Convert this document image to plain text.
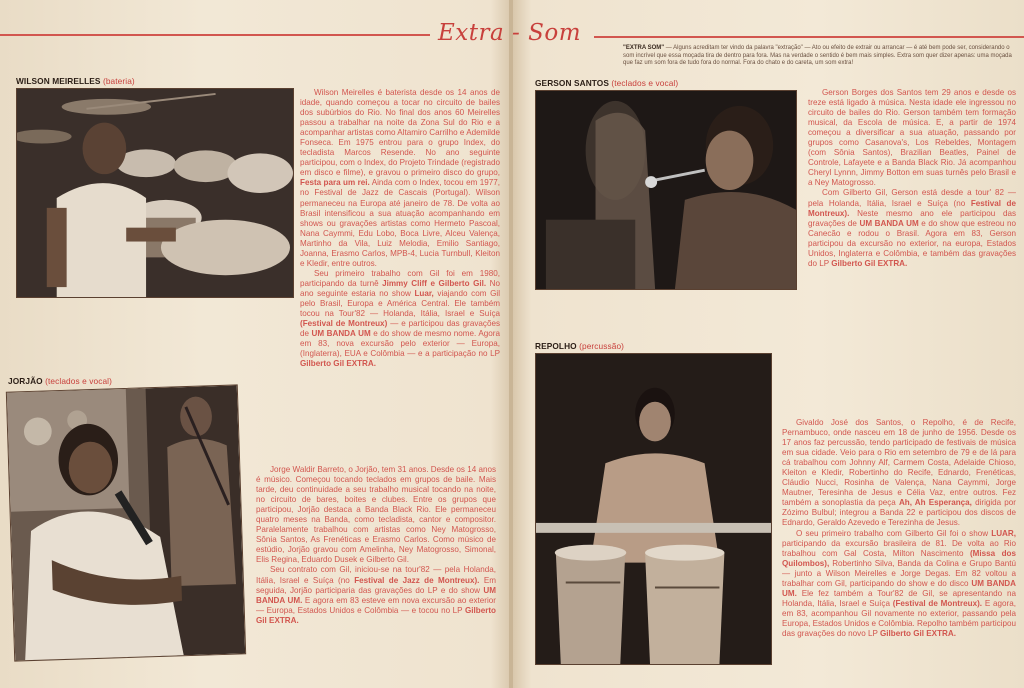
Extra - Som
"EXTRA SOM" — Alguns acreditam ter vindo da palavra "extração" — Ato ou efeito de extrair ou arrancar — é até bem pode ser, considerando o som incrível que essa moçada tira de dentro para fora. Mas na verdade o sentido é bem mais simples. Extra som quer dizer apenas: uma moçada que faz um som fora de tudo fora do normal. Fora do chato e do careta, um som extra!
WILSON MEIRELLES (bateria)

Wilson Meirelles é baterista desde os 14 anos de idade, quando começou a tocar no circuito de bailes dos subúrbios do Rio. No final dos anos 60 Meirelles passou a trabalhar na noite da Zona Sul do Rio e a acompanhar artistas como Altamiro Carrilho e Ademilde Fonseca. Em 1975 entrou para o grupo Index, do tecladista Marcos Resende. No ano seguinte participou, com o Index, do Projeto Trindade (registrado em disco e filme), e gravou o primeiro disco do grupo, Festa para um rei. Ainda com o Index, tocou em 1977, no Festival de Jazz de Cascais (Portugal). Wilson permaneceu na Europa até janeiro de 78. De volta ao Brasil intensificou a sua atuação acompanhando em shows ou gravações artistas como Hermeto Pascoal, Nana Caymmi, Edu Lobo, Boca Livre, Alceu Valença, Martinho da Vila, Luiz Melodia, Emilio Santiago, Joanna, Erasmo Carlos, MPB-4, Lucia Turnbull, Kleiton e Kledir, entre outros.

Seu primeiro trabalho com Gil foi em 1980, participando da turnê Jimmy Cliff e Gilberto Gil. No ano seguinte estaria no show Luar, viajando com Gil pelo Brasil, Europa e América Central. Ele também tocou na Tour'82 — Holanda, Itália, Israel e Suíça (Festival de Montreux) — e participou das gravações de UM BANDA UM e do show de mesmo nome. Agora em 83, nova excursão pelo exterior — Europa, (Inglaterra), EUA e Colômbia — e a participação no LP Gilberto Gil EXTRA.

JORJÃO (teclados e vocal)

Jorge Waldir Barreto, o Jorjão, tem 31 anos. Desde os 14 anos é músico. Começou tocando teclados em grupos de baile. Mais tarde, deu continuidade a seu trabalho musical tocando na noite, no circuito de bares, boites e clubes. Entre os grupos que participou, Jorjão destaca a Banda Black Rio. Ele permaneceu quatro meses na Banda, como tecladista, cantor e compositor. Paralelamente trabalhou com artistas como Ney Matogrosso, Sônia Santos, As Frenéticas e Erasmo Carlos. Como músico de estúdio, Jorjão gravou com Amelinha, Ney Matogrosso, Simonal, Elis Regina, Eduardo Dusek e Gilberto Gil.

Seu contrato com Gil, iniciou-se na tour'82 — pela Holanda, Itália, Israel e Suíça (no Festival de Jazz de Montreux). Em seguida, Jorjão participaria das gravações do LP e do show UM BANDA UM. E agora em 83 esteve em nova excursão ao exterior — Europa, Estados Unidos e Colômbia — e tocou no LP Gilberto Gil EXTRA.

GERSON SANTOS (teclados e vocal)

Gerson Borges dos Santos tem 29 anos e desde os treze está ligado à música. Nesta idade ele ingressou no circuito de bailes do Rio. Gerson também tem formação musical, da Escola de música. E, a partir de 1974 começou a diversificar a sua atuação, passando por grupos como Casanova's, Los Rebeldes, Montagem (com Sônia Santos), Brazilian Beatles, Painel de Controle, Lafayete e a Banda Black Rio. Já acompanhou Cheryl Lynnn, Jimmy Botton em suas turnês pelo Brasil e a Ney Matogrosso.

Com Gilberto Gil, Gerson está desde a tour' 82 — pela Holanda, Itália, Israel e Suíça (no Festival de Montreux). Neste mesmo ano ele participou das gravações de UM BANDA UM e do show que estreou no Canecão e rodou o Brasil. Agora em 83, Gerson participou da excursão no exterior, na europa, Estados Unidos, Inglaterra e Colômbia, e também das gravações do LP Gilberto Gil EXTRA.

REPOLHO (percussão)

Givaldo José dos Santos, o Repolho, é de Recife, Pernambuco, onde nasceu em 18 de junho de 1956. Desde os 17 anos faz percussão, tendo participado de festivais de música em sua cidade. Veio para o Rio em setembro de 79 e de lá para cá trabalhou com Johnny Alf, Carmem Costa, Adelaide Chioso, Kleiton e Kledir, Robertinho do Recife, Ednardo, Frenéticas, Cláudio Nucci, Rosinha de Valença, Nana Caymmi, Jorge Mautner, Teresinha de Jesus e Célia Vaz, entre outros. Fez também a sonoplastia da peça Ah, Ah Esperança, dirigida por Zózimo Bulbul; integrou a Banda 22 e participou dos discos de Ednardo, Geraldo Azevedo e Terezinha de Jesus.

O seu primeiro trabalho com Gilberto Gil foi o show LUAR, participando da excursão brasileira de 81. De volta ao Rio trabalhou com Gal Costa, Milton Nascimento (Missa dos Quilombos), Robertinho Silva, Banda da Colina e Grupo Bantú — junto a Wilson Meirelles e Jorge Degas. Em 82 voltou a trabalhar com Gil, participando do show e do disco UM BANDA UM. Ele fez também a Tour'82 de Gil, se apresentando na Holanda, Itália, Israel e Suíça (Festival de Montreux). E agora, em 83, acompanhou Gil novamente no exterior, passando pela Europa, Estados Unidos e Colômbia. Repolho também participou das gravações do novo LP Gilberto Gil EXTRA.
